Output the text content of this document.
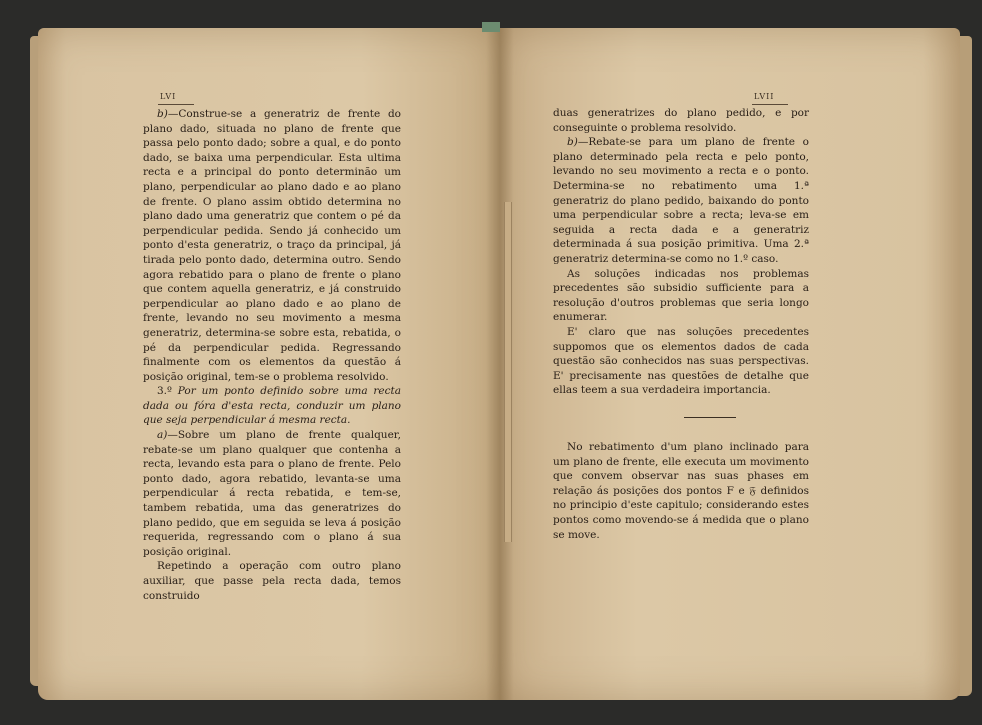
LVI	LVII

b)—Construe-se a generatriz de frente do plano dado, situada no plano de frente que passa pelo ponto dado; sobre a qual, e do ponto dado, se baixa uma perpendicular. Esta ultima recta e a principal do ponto determinão um plano, perpendicular ao plano dado e ao plano de frente. O plano assim obtido determina no plano dado uma generatriz que contem o pé da perpendicular pedida. Sendo já conhecido um ponto d'esta generatriz, o traço da principal, já tirada pelo ponto dado, determina outro. Sendo agora rebatido para o plano de frente o plano que contem aquella generatriz, e já construido perpendicular ao plano dado e ao plano de frente, levando no seu movimento a mesma generatriz, determina-se sobre esta, rebatida, o pé da perpendicular pedida. Regressando finalmente com os elementos da questão á posição original, tem-se o problema resolvido.

3.º Por um ponto definido sobre uma recta dada ou fóra d'esta recta, conduzir um plano que seja perpendicular á mesma recta.

a)—Sobre um plano de frente qualquer, rebate-se um plano qualquer que contenha a recta, levando esta para o plano de frente. Pelo ponto dado, agora rebatido, levanta-se uma perpendicular á recta rebatida, e tem-se, tambem rebatida, uma das generatrizes do plano pedido, que em seguida se leva á posição requerida, regressando com o plano á sua posição original.

Repetindo a operação com outro plano auxiliar, que passe pela recta dada, temos construido

duas generatrizes do plano pedido, e por conseguinte o problema resolvido.

b)—Rebate-se para um plano de frente o plano determinado pela recta e pelo ponto, levando no seu movimento a recta e o ponto. Determina-se no rebatimento uma 1.ª generatriz do plano pedido, baixando do ponto uma perpendicular sobre a recta; leva-se em seguida a recta dada e a generatriz determinada á sua posição primitiva. Uma 2.ª generatriz determina-se como no 1.º caso.

As soluções indicadas nos problemas precedentes são subsidio sufficiente para a resolução d'outros problemas que seria longo enumerar.

E' claro que nas soluções precedentes suppomos que os elementos dados de cada questão são conhecidos nas suas perspectivas. E' precisamente nas questões de detalhe que ellas teem a sua verdadeira importancia.

No rebatimento d'um plano inclinado para um plano de frente, elle executa um movimento que convem observar nas suas phases em relação ás posições dos pontos F e 𝔉 definidos no principio d'este capitulo; considerando estes pontos como movendo-se á medida que o plano se move.
